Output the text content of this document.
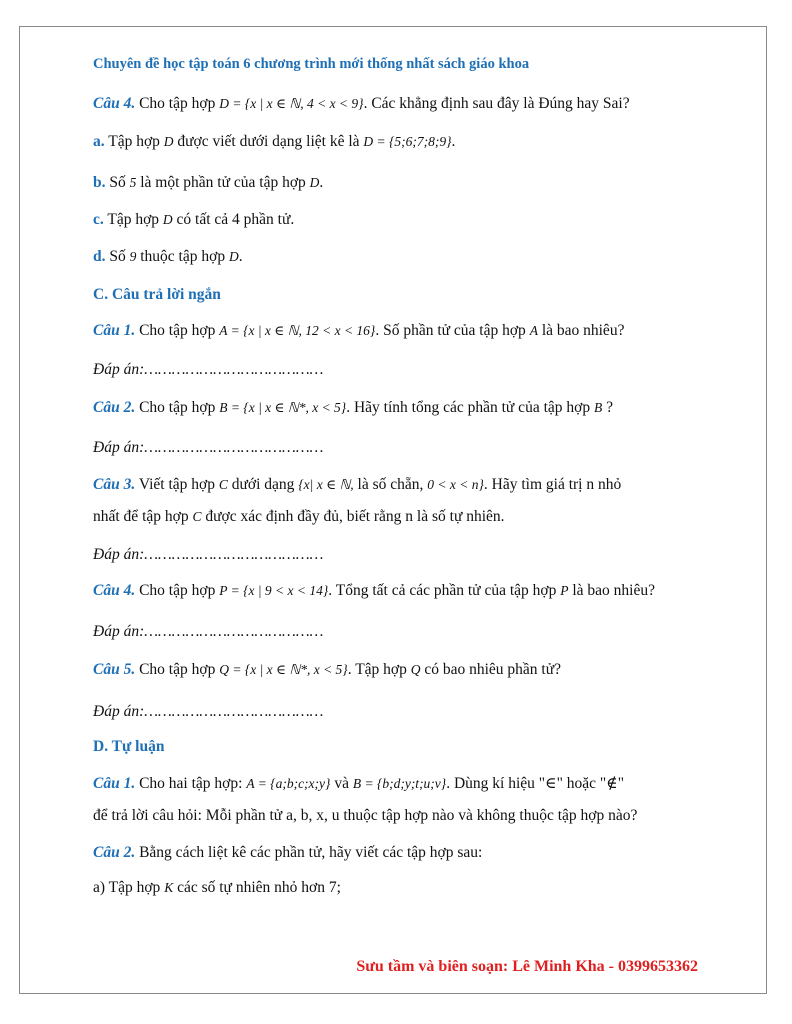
Chuyên đề học tập toán 6 chương trình mới thống nhất sách giáo khoa
Câu 4. Cho tập hợp D = {x | x ∈ ℕ, 4 < x < 9}. Các khẳng định sau đây là Đúng hay Sai?
a. Tập hợp D được viết dưới dạng liệt kê là D = {5;6;7;8;9}.
b. Số 5 là một phần tử của tập hợp D.
c. Tập hợp D có tất cả 4 phần tử.
d. Số 9 thuộc tập hợp D.
C. Câu trả lời ngắn
Câu 1. Cho tập hợp A = {x | x ∈ ℕ, 12 < x < 16}. Số phần tử của tập hợp A là bao nhiêu?
Đáp án:…………………………………
Câu 2. Cho tập hợp B = {x | x ∈ ℕ*, x < 5}. Hãy tính tổng các phần tử của tập hợp B ?
Đáp án:…………………………………
Câu 3. Viết tập hợp C dưới dạng {x| x ∈ ℕ, là số chẵn, 0 < x < n}. Hãy tìm giá trị n nhỏ
nhất để tập hợp C được xác định đầy đủ, biết rằng n là số tự nhiên.
Đáp án:…………………………………
Câu 4. Cho tập hợp P = {x | 9 < x < 14}. Tổng tất cả các phần tử của tập hợp P là bao nhiêu?
Đáp án:…………………………………
Câu 5. Cho tập hợp Q = {x | x ∈ ℕ*, x < 5}. Tập hợp Q có bao nhiêu phần tử?
Đáp án:…………………………………
D. Tự luận
Câu 1. Cho hai tập hợp: A = {a;b;c;x;y} và B = {b;d;y;t;u;v}. Dùng kí hiệu "∈" hoặc "∉"
để trả lời câu hỏi: Mỗi phần tử a, b, x, u thuộc tập hợp nào và không thuộc tập hợp nào?
Câu 2. Bằng cách liệt kê các phần tử, hãy viết các tập hợp sau:
a) Tập hợp K các số tự nhiên nhỏ hơn 7;
Sưu tầm và biên soạn: Lê Minh Kha - 0399653362
